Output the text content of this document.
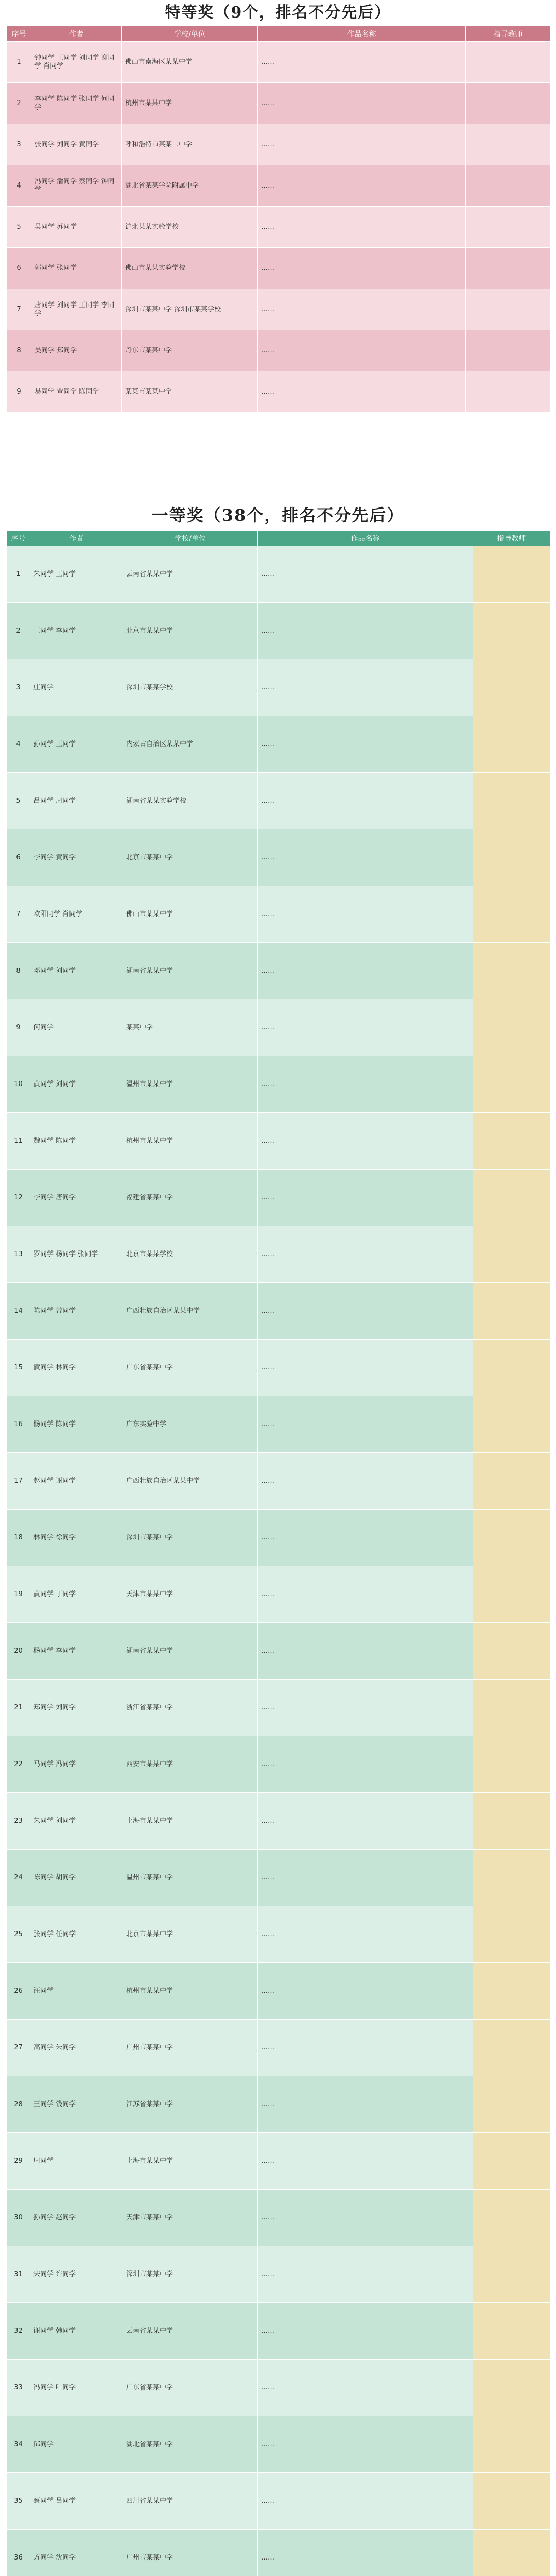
特等奖（9个，排名不分先后）
序号	作者	学校/单位	作品名称	指导教师
1	钟同学 王同学 刘同学 谢同学 肖同学	佛山市南海区某某中学	……	
2	李同学 陈同学 张同学 何同学	杭州市某某中学	……	
3	张同学 刘同学 黄同学	呼和浩特市某某二中学	……	
4	冯同学 潘同学 蔡同学 钟同学	湖北省某某学院附属中学	……	
5	吴同学 苏同学	沪北某某实验学校	……	
6	郭同学 张同学	佛山市某某实验学校	……	
7	唐同学 刘同学 王同学 李同学	深圳市某某中学 深圳市某某学校	……	
8	吴同学 郑同学	丹东市某某中学	……	
9	易同学 覃同学 陈同学	某某市某某中学	……	
一等奖（38个，排名不分先后）
序号	作者	学校/单位	作品名称	指导教师
1	朱同学 王同学	云南省某某中学	……	
2	王同学 李同学	北京市某某中学	……	
3	庄同学	深圳市某某学校	……	
4	孙同学 王同学	内蒙古自治区某某中学	……	
5	吕同学 周同学	湖南省某某实验学校	……	
6	李同学 黄同学	北京市某某中学	……	
7	欧阳同学 肖同学	佛山市某某中学	……	
8	邓同学 刘同学	湖南省某某中学	……	
9	何同学	某某中学	……	
10	黄同学 刘同学	温州市某某中学	……	
11	魏同学 陈同学	杭州市某某中学	……	
12	李同学 唐同学	福建省某某中学	……	
13	罗同学 杨同学 张同学	北京市某某学校	……	
14	陈同学 曾同学	广西壮族自治区某某中学	……	
15	黄同学 林同学	广东省某某中学	……	
16	杨同学 陈同学	广东实验中学	……	
17	赵同学 谢同学	广西壮族自治区某某中学	……	
18	林同学 徐同学	深圳市某某中学	……	
19	黄同学 丁同学	天津市某某中学	……	
20	杨同学 李同学	湖南省某某中学	……	
21	郑同学 刘同学	浙江省某某中学	……	
22	马同学 冯同学	西安市某某中学	……	
23	朱同学 刘同学	上海市某某中学	……	
24	陈同学 胡同学	温州市某某中学	……	
25	张同学 任同学	北京市某某中学	……	
26	汪同学	杭州市某某中学	……	
27	高同学 朱同学	广州市某某中学	……	
28	王同学 钱同学	江苏省某某中学	……	
29	周同学	上海市某某中学	……	
30	孙同学 赵同学	天津市某某中学	……	
31	宋同学 许同学	深圳市某某中学	……	
32	谢同学 韩同学	云南省某某中学	……	
33	冯同学 叶同学	广东省某某中学	……	
34	邱同学	湖北省某某中学	……	
35	蔡同学 吕同学	四川省某某中学	……	
36	方同学 沈同学	广州市某某中学	……	
